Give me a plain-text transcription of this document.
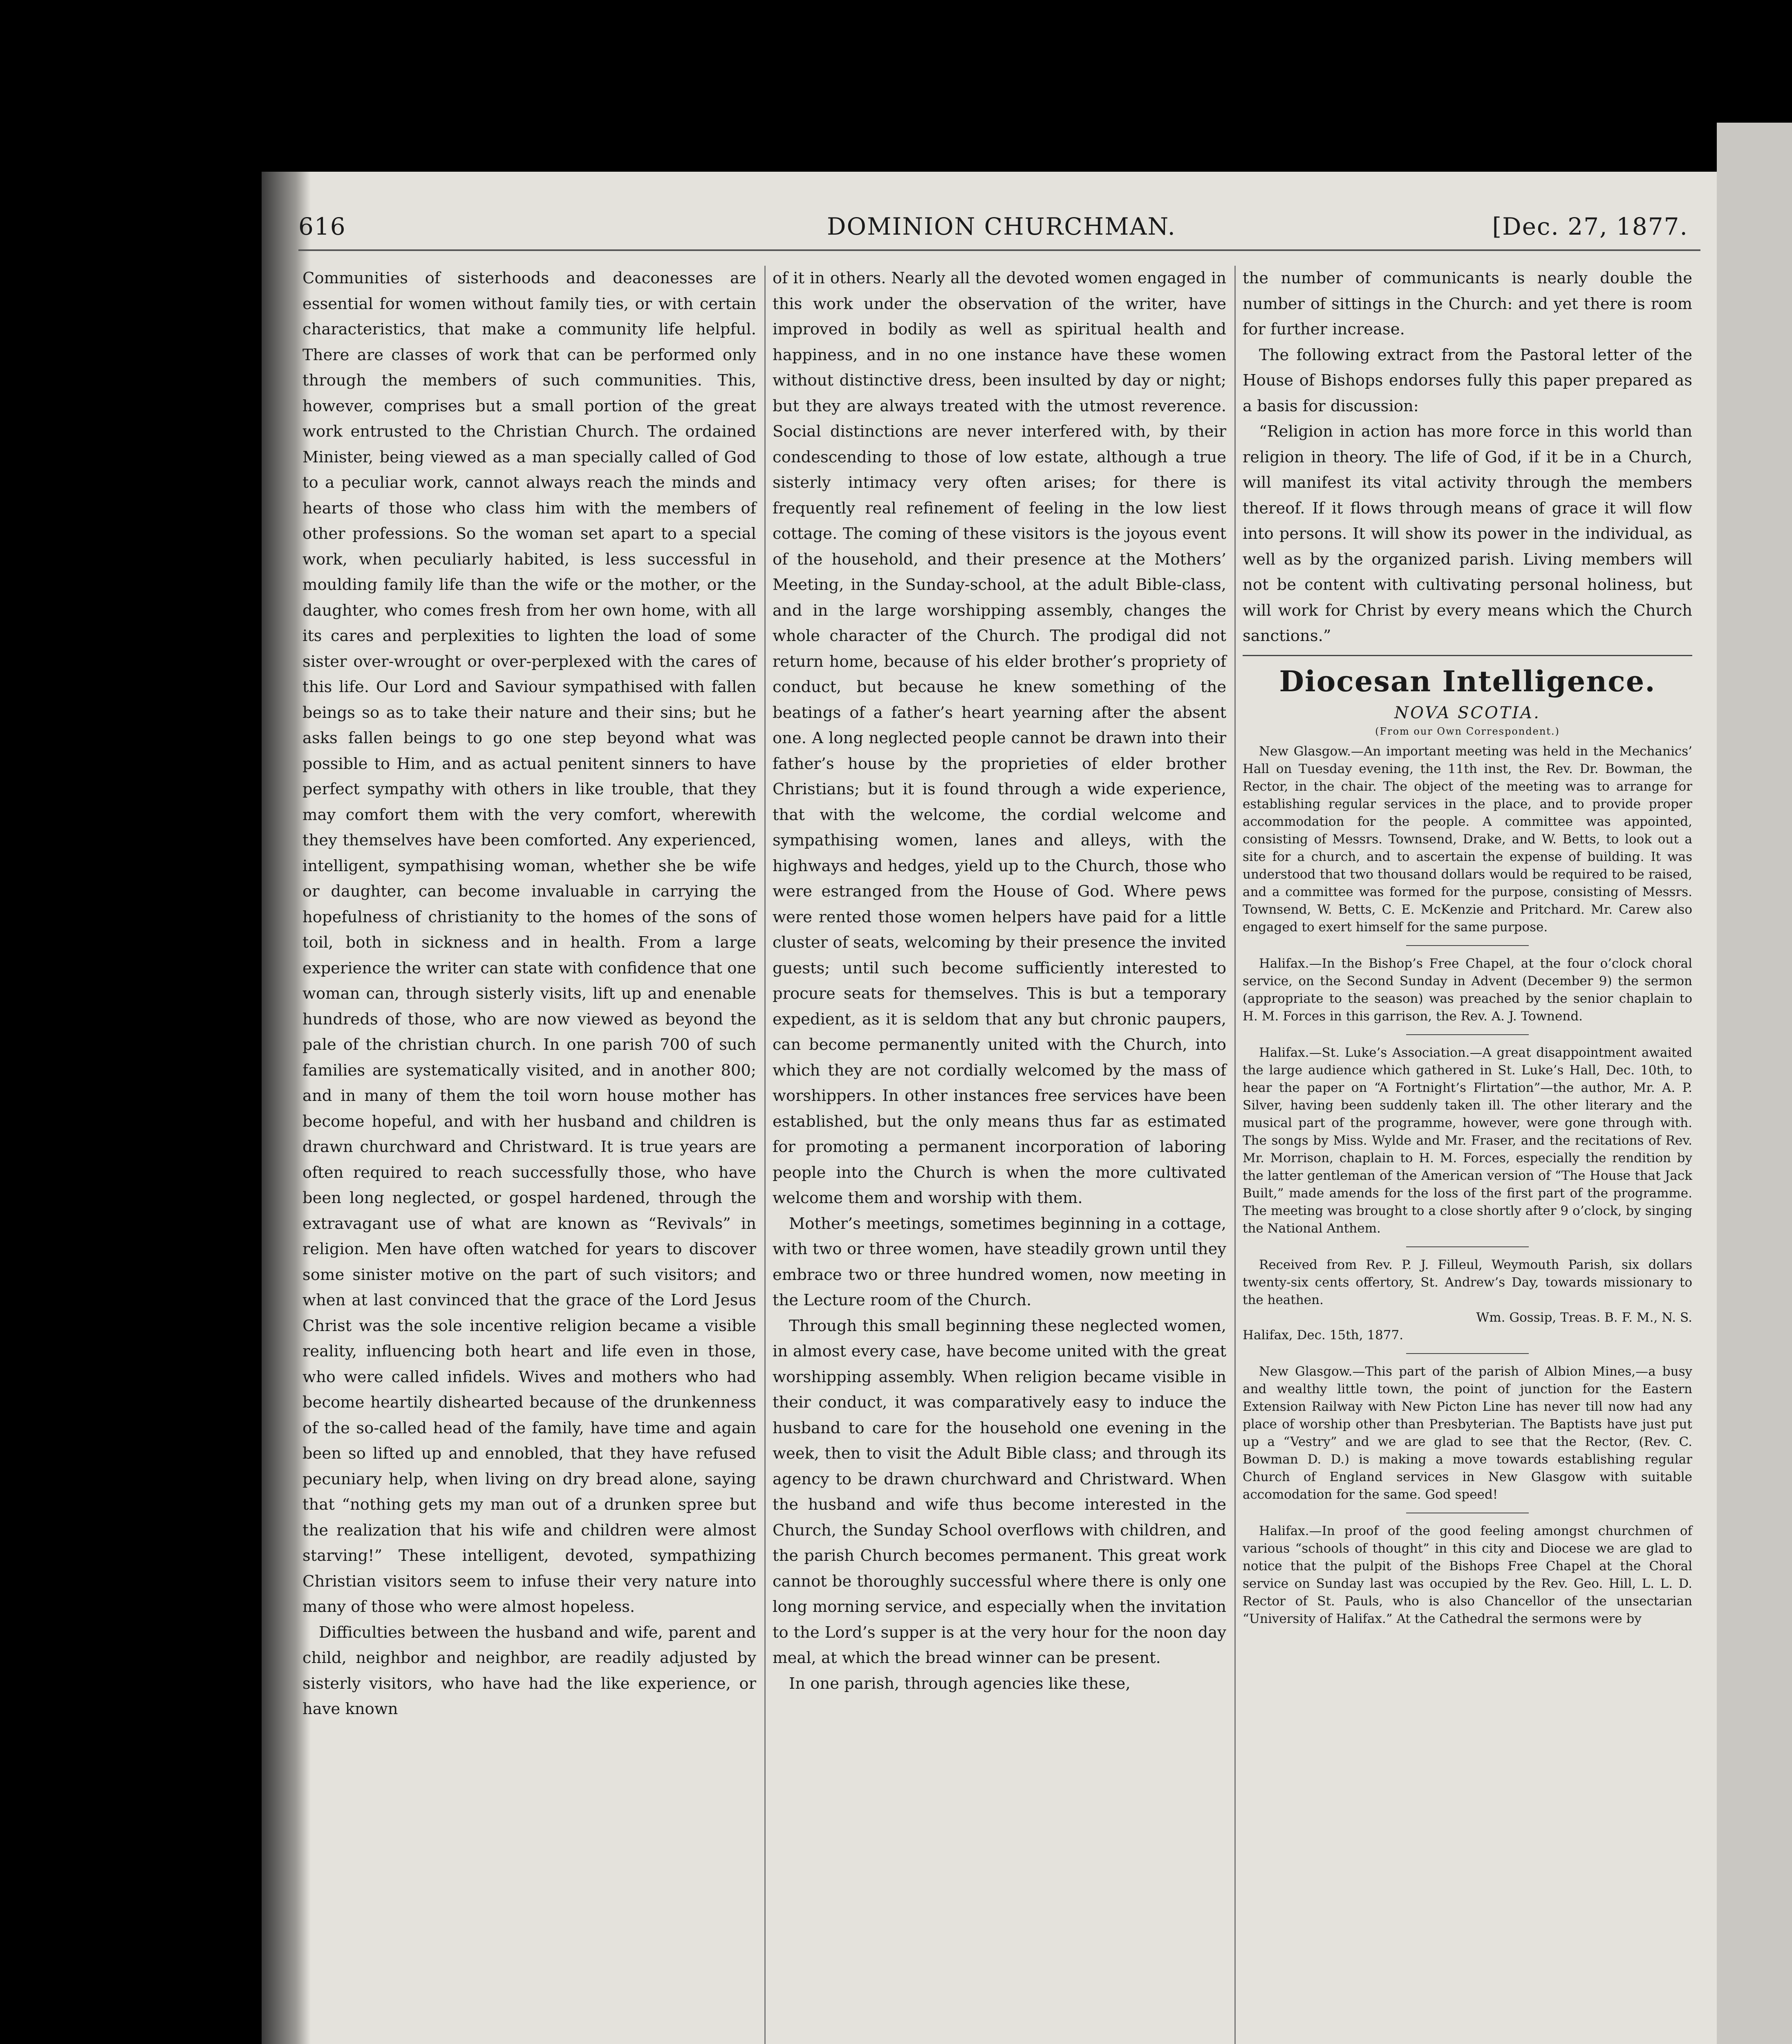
616	DOMINION CHURCHMAN.	[Dec. 27, 1877.

Communities of sisterhoods and deaconesses are essential for women without family ties, or with certain characteristics, that make a community life helpful. There are classes of work that can be performed only through the members of such communities. This, however, comprises but a small portion of the great work entrusted to the Christian Church. The ordained Minister, being viewed as a man specially called of God to a peculiar work, cannot always reach the minds and hearts of those who class him with the members of other professions. So the woman set apart to a special work, when peculiarly habited, is less successful in moulding family life than the wife or the mother, or the daughter, who comes fresh from her own home, with all its cares and perplexities to lighten the load of some sister over-wrought or over-perplexed with the cares of this life. Our Lord and Saviour sympathised with fallen beings so as to take their nature and their sins; but he asks fallen beings to go one step beyond what was possible to Him, and as actual penitent sinners to have perfect sympathy with others in like trouble, that they may comfort them with the very comfort, wherewith they themselves have been comforted. Any experienced, intelligent, sympathising woman, whether she be wife or daughter, can become invaluable in carrying the hopefulness of christianity to the homes of the sons of toil, both in sickness and in health. From a large experience the writer can state with confidence that one woman can, through sisterly visits, lift up and enenable hundreds of those, who are now viewed as beyond the pale of the christian church. In one parish 700 of such families are systematically visited, and in another 800; and in many of them the toil worn house mother has become hopeful, and with her husband and children is drawn churchward and Christward. It is true years are often required to reach successfully those, who have been long neglected, or gospel hardened, through the extravagant use of what are known as “Revivals” in religion. Men have often watched for years to discover some sinister motive on the part of such visitors; and when at last convinced that the grace of the Lord Jesus Christ was the sole incentive religion became a visible reality, influencing both heart and life even in those, who were called infidels. Wives and mothers who had become heartily dishearted because of the drunkenness of the so-called head of the family, have time and again been so lifted up and ennobled, that they have refused pecuniary help, when living on dry bread alone, saying that “nothing gets my man out of a drunken spree but the realization that his wife and children were almost starving!” These intelligent, devoted, sympathizing Christian visitors seem to infuse their very nature into many of those who were almost hopeless.

Difficulties between the husband and wife, parent and child, neighbor and neighbor, are readily adjusted by sisterly visitors, who have had the like experience, or have known

of it in others. Nearly all the devoted women engaged in this work under the observation of the writer, have improved in bodily as well as spiritual health and happiness, and in no one instance have these women without distinctive dress, been insulted by day or night; but they are always treated with the utmost reverence. Social distinctions are never interfered with, by their condescending to those of low estate, although a true sisterly intimacy very often arises; for there is frequently real refinement of feeling in the low liest cottage. The coming of these visitors is the joyous event of the household, and their presence at the Mothers’ Meeting, in the Sunday-school, at the adult Bible-class, and in the large worshipping assembly, changes the whole character of the Church. The prodigal did not return home, because of his elder brother’s propriety of conduct, but because he knew something of the beatings of a father’s heart yearning after the absent one. A long neglected people cannot be drawn into their father’s house by the proprieties of elder brother Christians; but it is found through a wide experience, that with the welcome, the cordial welcome and sympathising women, lanes and alleys, with the highways and hedges, yield up to the Church, those who were estranged from the House of God. Where pews were rented those women helpers have paid for a little cluster of seats, welcoming by their presence the invited guests; until such become sufficiently interested to procure seats for themselves. This is but a temporary expedient, as it is seldom that any but chronic paupers, can become permanently united with the Church, into which they are not cordially welcomed by the mass of worshippers. In other instances free services have been established, but the only means thus far as estimated for promoting a permanent incorporation of laboring people into the Church is when the more cultivated welcome them and worship with them.

Mother’s meetings, sometimes beginning in a cottage, with two or three women, have steadily grown until they embrace two or three hundred women, now meeting in the Lecture room of the Church.

Through this small beginning these neglected women, in almost every case, have become united with the great worshipping assembly. When religion became visible in their conduct, it was comparatively easy to induce the husband to care for the household one evening in the week, then to visit the Adult Bible class; and through its agency to be drawn churchward and Christward. When the husband and wife thus become interested in the Church, the Sunday School overflows with children, and the parish Church becomes permanent. This great work cannot be thoroughly successful where there is only one long morning service, and especially when the invitation to the Lord’s supper is at the very hour for the noon day meal, at which the bread winner can be present.

In one parish, through agencies like these,

the number of communicants is nearly double the number of sittings in the Church: and yet there is room for further increase.

The following extract from the Pastoral letter of the House of Bishops endorses fully this paper prepared as a basis for discussion:

“Religion in action has more force in this world than religion in theory. The life of God, if it be in a Church, will manifest its vital activity through the members thereof. If it flows through means of grace it will flow into persons. It will show its power in the individual, as well as by the organized parish. Living members will not be content with cultivating personal holiness, but will work for Christ by every means which the Church sanctions.”

Diocesan Intelligence.
NOVA SCOTIA.
(From our Own Correspondent.)

New Glasgow.—An important meeting was held in the Mechanics’ Hall on Tuesday evening, the 11th inst, the Rev. Dr. Bowman, the Rector, in the chair. The object of the meeting was to arrange for establishing regular services in the place, and to provide proper accommodation for the people. A committee was appointed, consisting of Messrs. Townsend, Drake, and W. Betts, to look out a site for a church, and to ascertain the expense of building. It was understood that two thousand dollars would be required to be raised, and a committee was formed for the purpose, consisting of Messrs. Townsend, W. Betts, C. E. McKenzie and Pritchard. Mr. Carew also engaged to exert himself for the same purpose.

Halifax.—In the Bishop’s Free Chapel, at the four o’clock choral service, on the Second Sunday in Advent (December 9) the sermon (appropriate to the season) was preached by the senior chaplain to H. M. Forces in this garrison, the Rev. A. J. Townend.

Halifax.—St. Luke’s Association.—A great disappointment awaited the large audience which gathered in St. Luke’s Hall, Dec. 10th, to hear the paper on “A Fortnight’s Flirtation”—the author, Mr. A. P. Silver, having been suddenly taken ill. The other literary and the musical part of the programme, however, were gone through with. The songs by Miss. Wylde and Mr. Fraser, and the recitations of Rev. Mr. Morrison, chaplain to H. M. Forces, especially the rendition by the latter gentleman of the American version of “The House that Jack Built,” made amends for the loss of the first part of the programme. The meeting was brought to a close shortly after 9 o’clock, by singing the National Anthem.

Received from Rev. P. J. Filleul, Weymouth Parish, six dollars twenty-six cents offertory, St. Andrew’s Day, towards missionary to the heathen.

Wm. Gossip, Treas. B. F. M., N. S.
Halifax, Dec. 15th, 1877.

New Glasgow.—This part of the parish of Albion Mines,—a busy and wealthy little town, the point of junction for the Eastern Extension Railway with New Picton Line has never till now had any place of worship other than Presbyterian. The Baptists have just put up a “Vestry” and we are glad to see that the Rector, (Rev. C. Bowman D. D.) is making a move towards establishing regular Church of England services in New Glasgow with suitable accomodation for the same. God speed!

Halifax.—In proof of the good feeling amongst churchmen of various “schools of thought” in this city and Diocese we are glad to notice that the pulpit of the Bishops Free Chapel at the Choral service on Sunday last was occupied by the Rev. Geo. Hill, L. L. D. Rector of St. Pauls, who is also Chancellor of the unsectarian “University of Halifax.” At the Cathedral the sermons were by
